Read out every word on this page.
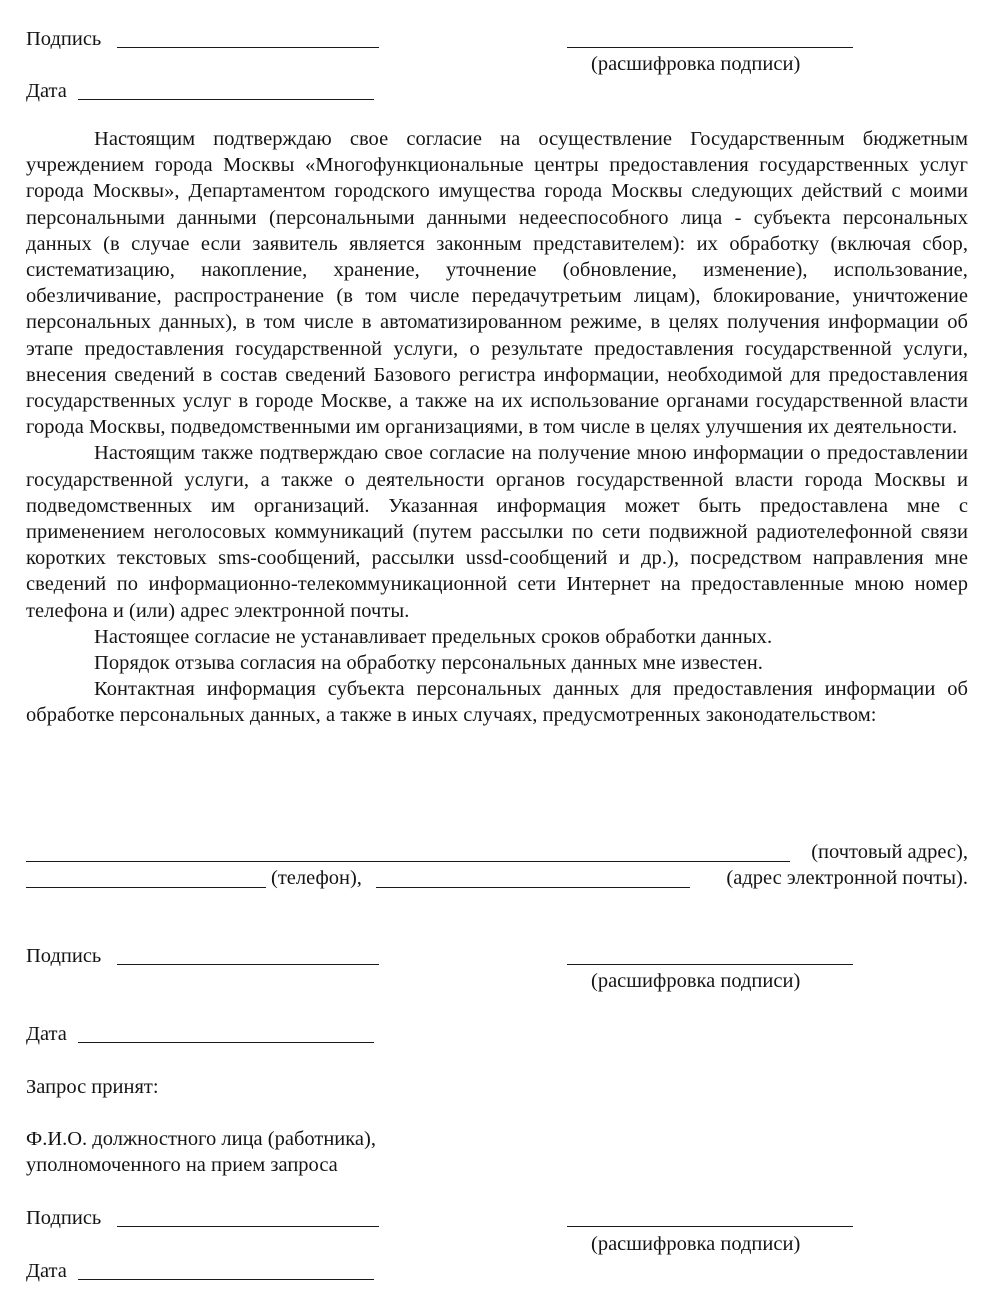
Подпись
(расшифровка подписи)
Дата

Настоящим подтверждаю свое согласие на осуществление Государственным бюджетным учреждением города Москвы «Многофункциональные центры предоставления государственных услуг города Москвы», Департаментом городского имущества города Москвы следующих действий с моими персональными данными (персональными данными недееспособного лица - субъекта персональных данных (в случае если заявитель является законным представителем): их обработку (включая сбор, систематизацию, накопление, хранение, уточнение (обновление, изменение), использование, обезличивание, распространение (в том числе передачутретьим лицам), блокирование, уничтожение персональных данных), в том числе в автоматизированном режиме, в целях получения информации об этапе предоставления государственной услуги, о результате предоставления государственной услуги, внесения сведений в состав сведений Базового регистра информации, необходимой для предоставления государственных услуг в городе Москве, а также на их использование органами государственной власти города Москвы, подведомственными им организациями, в том числе в целях улучшения их деятельности.

Настоящим также подтверждаю свое согласие на получение мною информации о предоставлении государственной услуги, а также о деятельности органов государственной власти города Москвы и подведомственных им организаций. Указанная информация может быть предоставлена мне с применением неголосовых коммуникаций (путем рассылки по сети подвижной радиотелефонной связи коротких текстовых sms-сообщений, рассылки ussd-сообщений и др.), посредством направления мне сведений по информационно-телекоммуникационной сети Интернет на предоставленные мною номер телефона и (или) адрес электронной почты.

Настоящее согласие не устанавливает предельных сроков обработки данных.

Порядок отзыва согласия на обработку персональных данных мне известен.

Контактная информация субъекта персональных данных для предоставления информации об обработке персональных данных, а также в иных случаях, предусмотренных законодательством:

(почтовый адрес),
(телефон),	(адрес электронной почты).
Подпись
(расшифровка подписи)
Дата
Запрос принят:
Ф.И.О. должностного лица (работника),
уполномоченного на прием запроса
Подпись
(расшифровка подписи)
Дата
